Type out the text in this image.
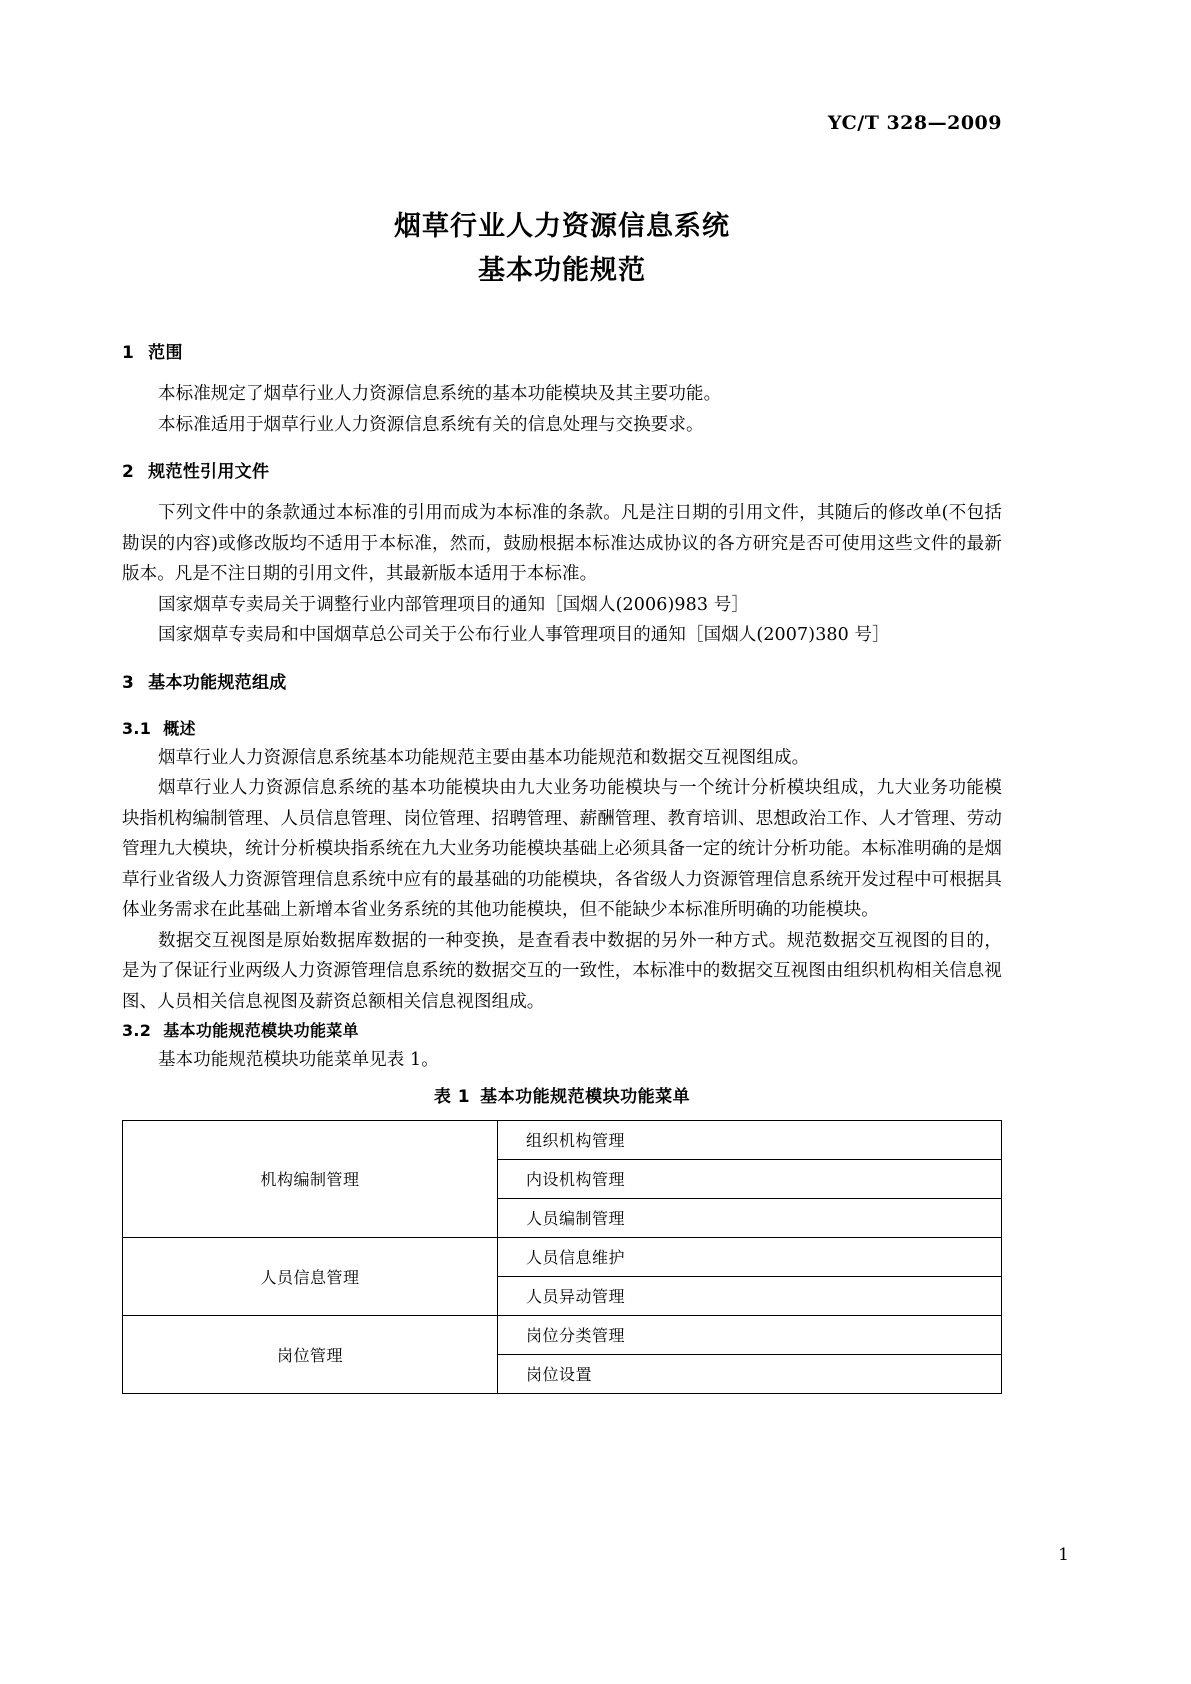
YC/T 328—2009
烟草行业人力资源信息系统
基本功能规范
1 范围

本标准规定了烟草行业人力资源信息系统的基本功能模块及其主要功能。

本标准适用于烟草行业人力资源信息系统有关的信息处理与交换要求。

2 规范性引用文件

下列文件中的条款通过本标准的引用而成为本标准的条款。凡是注日期的引用文件，其随后的修改单(不包括勘误的内容)或修改版均不适用于本标准，然而，鼓励根据本标准达成协议的各方研究是否可使用这些文件的最新版本。凡是不注日期的引用文件，其最新版本适用于本标准。

国家烟草专卖局关于调整行业内部管理项目的通知［国烟人(2006)983 号］

国家烟草专卖局和中国烟草总公司关于公布行业人事管理项目的通知［国烟人(2007)380 号］

3 基本功能规范组成
3.1 概述

烟草行业人力资源信息系统基本功能规范主要由基本功能规范和数据交互视图组成。

烟草行业人力资源信息系统的基本功能模块由九大业务功能模块与一个统计分析模块组成，九大业务功能模块指机构编制管理、人员信息管理、岗位管理、招聘管理、薪酬管理、教育培训、思想政治工作、人才管理、劳动管理九大模块，统计分析模块指系统在九大业务功能模块基础上必须具备一定的统计分析功能。本标准明确的是烟草行业省级人力资源管理信息系统中应有的最基础的功能模块，各省级人力资源管理信息系统开发过程中可根据具体业务需求在此基础上新增本省业务系统的其他功能模块，但不能缺少本标准所明确的功能模块。

数据交互视图是原始数据库数据的一种变换，是查看表中数据的另外一种方式。规范数据交互视图的目的，是为了保证行业两级人力资源管理信息系统的数据交互的一致性，本标准中的数据交互视图由组织机构相关信息视图、人员相关信息视图及薪资总额相关信息视图组成。

3.2 基本功能规范模块功能菜单

基本功能规范模块功能菜单见表 1。

表 1 基本功能规范模块功能菜单
机构编制管理	组织机构管理
	内设机构管理
	人员编制管理
人员信息管理	人员信息维护
	人员异动管理
岗位管理	岗位分类管理
	岗位设置
1
